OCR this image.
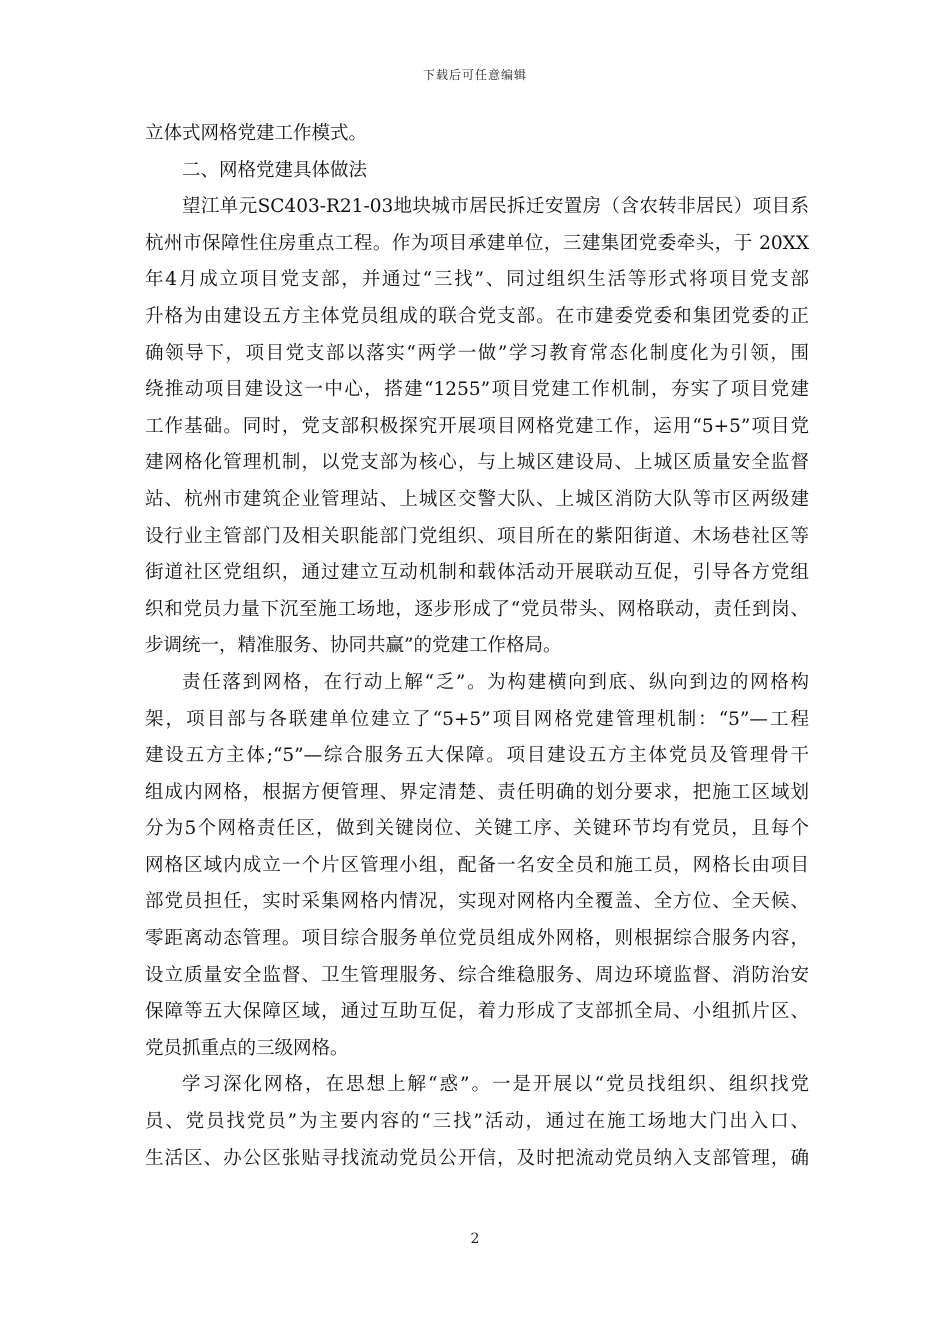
下载后可任意编辑
立体式网格党建工作模式。
二、网格党建具体做法
望江单元SC403-R21-03地块城市居民拆迁安置房（含农转非居民）项目系
杭州市保障性住房重点工程。作为项目承建单位，三建集团党委牵头，于 20XX
年4月成立项目党支部，并通过“三找”、同过组织生活等形式将项目党支部
升格为由建设五方主体党员组成的联合党支部。在市建委党委和集团党委的正
确领导下，项目党支部以落实“两学一做”学习教育常态化制度化为引领，围
绕推动项目建设这一中心，搭建“1255”项目党建工作机制，夯实了项目党建
工作基础。同时，党支部积极探究开展项目网格党建工作，运用“5+5”项目党
建网格化管理机制，以党支部为核心，与上城区建设局、上城区质量安全监督
站、杭州市建筑企业管理站、上城区交警大队、上城区消防大队等市区两级建
设行业主管部门及相关职能部门党组织、项目所在的紫阳街道、木场巷社区等
街道社区党组织，通过建立互动机制和载体活动开展联动互促，引导各方党组
织和党员力量下沉至施工场地，逐步形成了“党员带头、网格联动，责任到岗、
步调统一，精准服务、协同共赢”的党建工作格局。
责任落到网格，在行动上解“乏”。为构建横向到底、纵向到边的网格构
架，项目部与各联建单位建立了“5+5”项目网格党建管理机制：“5”—工程
建设五方主体;“5”—综合服务五大保障。项目建设五方主体党员及管理骨干
组成内网格，根据方便管理、界定清楚、责任明确的划分要求，把施工区域划
分为5个网格责任区，做到关键岗位、关键工序、关键环节均有党员，且每个
网格区域内成立一个片区管理小组，配备一名安全员和施工员，网格长由项目
部党员担任，实时采集网格内情况，实现对网格内全覆盖、全方位、全天候、
零距离动态管理。项目综合服务单位党员组成外网格，则根据综合服务内容，
设立质量安全监督、卫生管理服务、综合维稳服务、周边环境监督、消防治安
保障等五大保障区域，通过互助互促，着力形成了支部抓全局、小组抓片区、
党员抓重点的三级网格。
学习深化网格，在思想上解“惑”。一是开展以“党员找组织、组织找党
员、党员找党员”为主要内容的“三找”活动，通过在施工场地大门出入口、
生活区、办公区张贴寻找流动党员公开信，及时把流动党员纳入支部管理，确
2
